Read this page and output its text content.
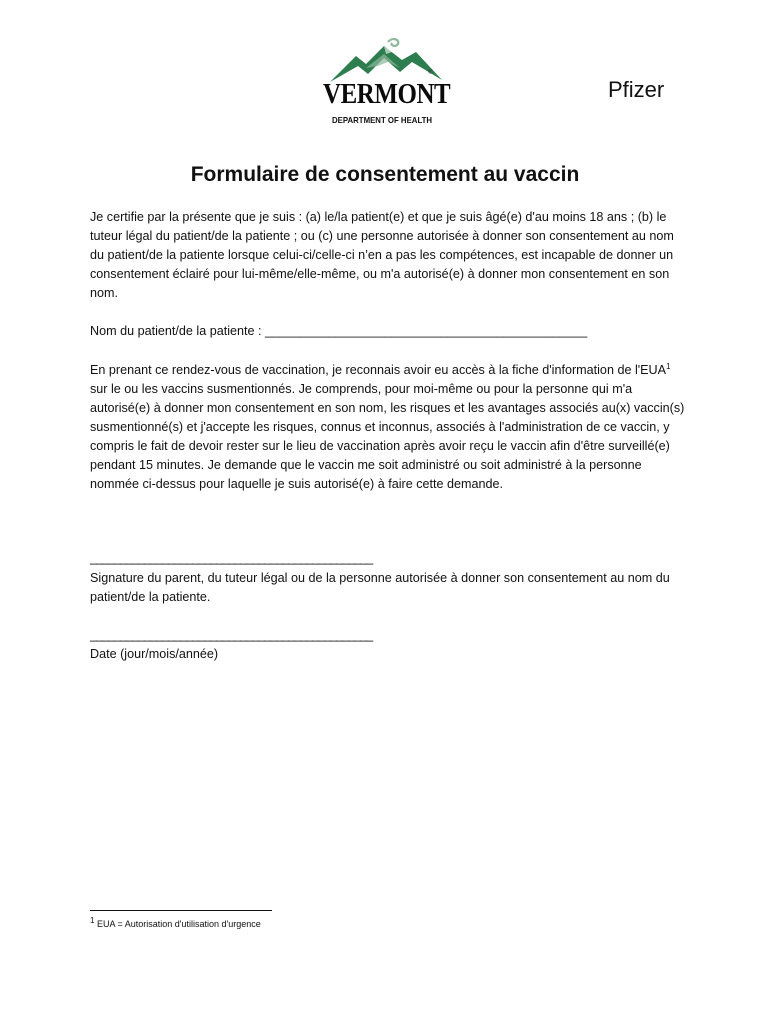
®
VERMONT
DEPARTMENT OF HEALTH
Pfizer
Formulaire de consentement au vaccin

Je certifie par la présente que je suis : (a) le/la patient(e) et que je suis âgé(e) d'au moins 18 ans ; (b) le tuteur légal du patient/de la patiente ; ou (c) une personne autorisée à donner son consentement au nom du patient/de la patiente lorsque celui-ci/celle-ci n’en a pas les compétences, est incapable de donner un consentement éclairé pour lui-même/elle-même, ou m'a autorisé(e) à donner mon consentement en son nom.

Nom du patient/de la patiente : ______________________________________________

En prenant ce rendez-vous de vaccination, je reconnais avoir eu accès à la fiche d'information de l'EUA$^1$ sur le ou les vaccins susmentionnés. Je comprends, pour moi-même ou pour la personne qui m'a autorisé(e) à donner mon consentement en son nom, les risques et les avantages associés au(x) vaccin(s) susmentionné(s) et j'accepte les risques, connus et inconnus, associés à l'administration de ce vaccin, y compris le fait de devoir rester sur le lieu de vaccination après avoir reçu le vaccin afin d'être surveillé(e) pendant 15 minutes. Je demande que le vaccin me soit administré ou soit administré à la personne nommée ci-dessus pour laquelle je suis autorisé(e) à faire cette demande.

_______________________________________________

Signature du parent, du tuteur légal ou de la personne autorisée à donner son consentement au nom du patient/de la patiente.

_______________________________________________
Date (jour/mois/année)
$^1$ EUA = Autorisation d'utilisation d'urgence
